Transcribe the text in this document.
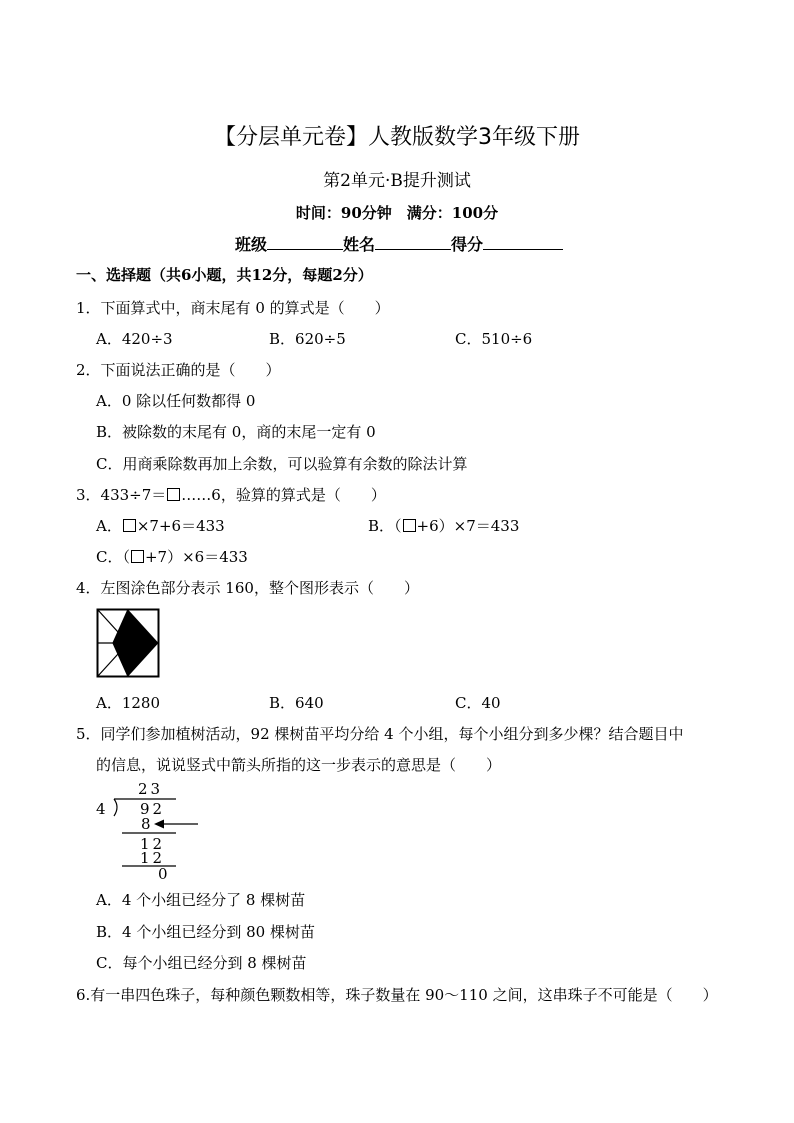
【分层单元卷】人教版数学3年级下册
第2单元·B提升测试
时间：90分钟　满分：100分
班级	姓名	得分
一、选择题（共6小题，共12分，每题2分）
1．下面算式中，商末尾有 0 的算式是（　　）
A．420÷3	B．620÷5	C．510÷6
2．下面说法正确的是（　　）
A．0 除以任何数都得 0
B．被除数的末尾有 0，商的末尾一定有 0
C．用商乘除数再加上余数，可以验算有余数的除法计算
3．433÷7＝ ……6，验算的算式是（　　）
A． ×7+6＝433	B．（ +6）×7＝433
C．（ +7）×6＝433
4．左图涂色部分表示 160，整个图形表示（　　）
A．1280	B．640	C．40
5．同学们参加植树活动，92 棵树苗平均分给 4 个小组，每个小组分到多少棵？结合题目中
的信息，说说竖式中箭头所指的这一步表示的意思是（　　）
23
4 92
8
12
12
0
A．4 个小组已经分了 8 棵树苗
B．4 个小组已经分到 80 棵树苗
C．每个小组已经分到 8 棵树苗
6.有一串四色珠子，每种颜色颗数相等，珠子数量在 90～110 之间，这串珠子不可能是（　　）
